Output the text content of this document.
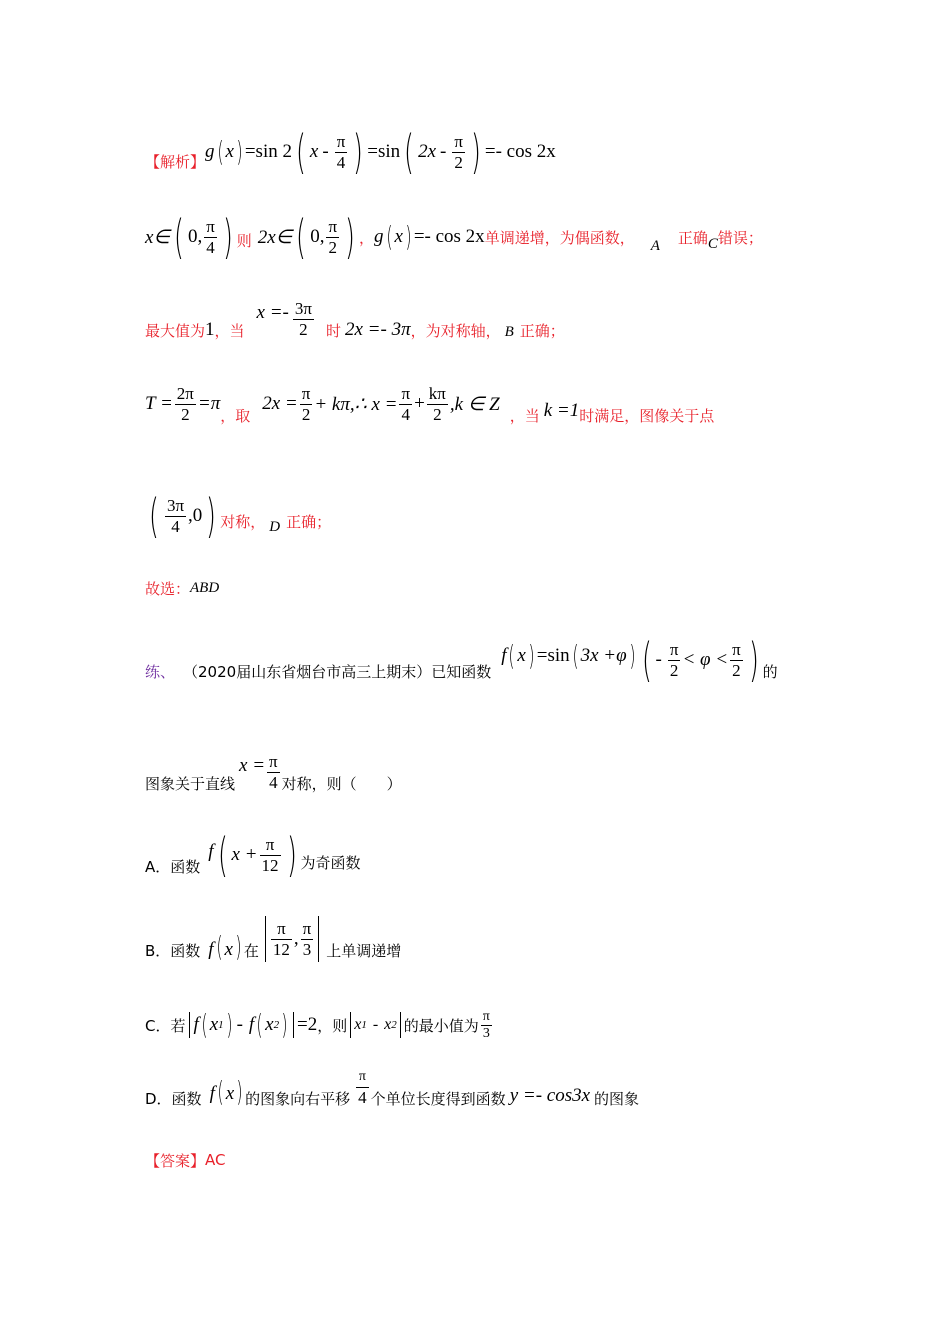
【解析】 g ( x ) =sin 2 ( x - $\frac{\pi}{4}$ ) =sin ( $2x - \frac{\pi}{2}$ ) =- cos 2x
x∈ ( 0, $\frac{\pi}{4}$ ) 则 2x∈ ( 0, $\frac{\pi}{2}$ ) ， g ( x ) =- cos 2x 单调递增，为偶函数， A 正确 C 错误；
最大值为 1 ，当
$x =- \frac{3\pi}{2}$ 时 2x =- 3π ，为对称轴， B 正确；
$T = \frac{2\pi}{2} =\pi$
，取
$2x = \frac{\pi}{2}$ + kπ,∴ $x = \frac{\pi}{4} + \frac{k\pi}{2} ,k$ ∈ Z
，当 k =1 时满足，图像关于点
( $\frac{3\pi}{4} ,0$ ) 对称， D 正确；
故选： ABD
练、 （2020届山东省烟台市高三上期末）已知函数
f ( x ) =sin ( 3x +φ ) ( - $\frac{\pi}{2} < \varphi < \frac{\pi}{2}$ ) 的
图象关于直线
$x = \frac{\pi}{4}$ 对称，则（　　）
A．函数
f ( $x + \frac{\pi}{12}$ ) 为奇函数
B．函数 f ( x ) 在 $\frac{\pi}{12}$ , $\frac{\pi}{3}$ 上单调递增
C．若 f ( x 1 ) - f ( x 2 ) =2 ，则 x 1 - x 2 的最小值为 $\frac{\pi}{3}$
D．函数 f ( x ) 的图象向右平移 $\frac{\pi}{4}$ 个单位长度得到函数 y =- cos3x 的图象
【答案】 AC
